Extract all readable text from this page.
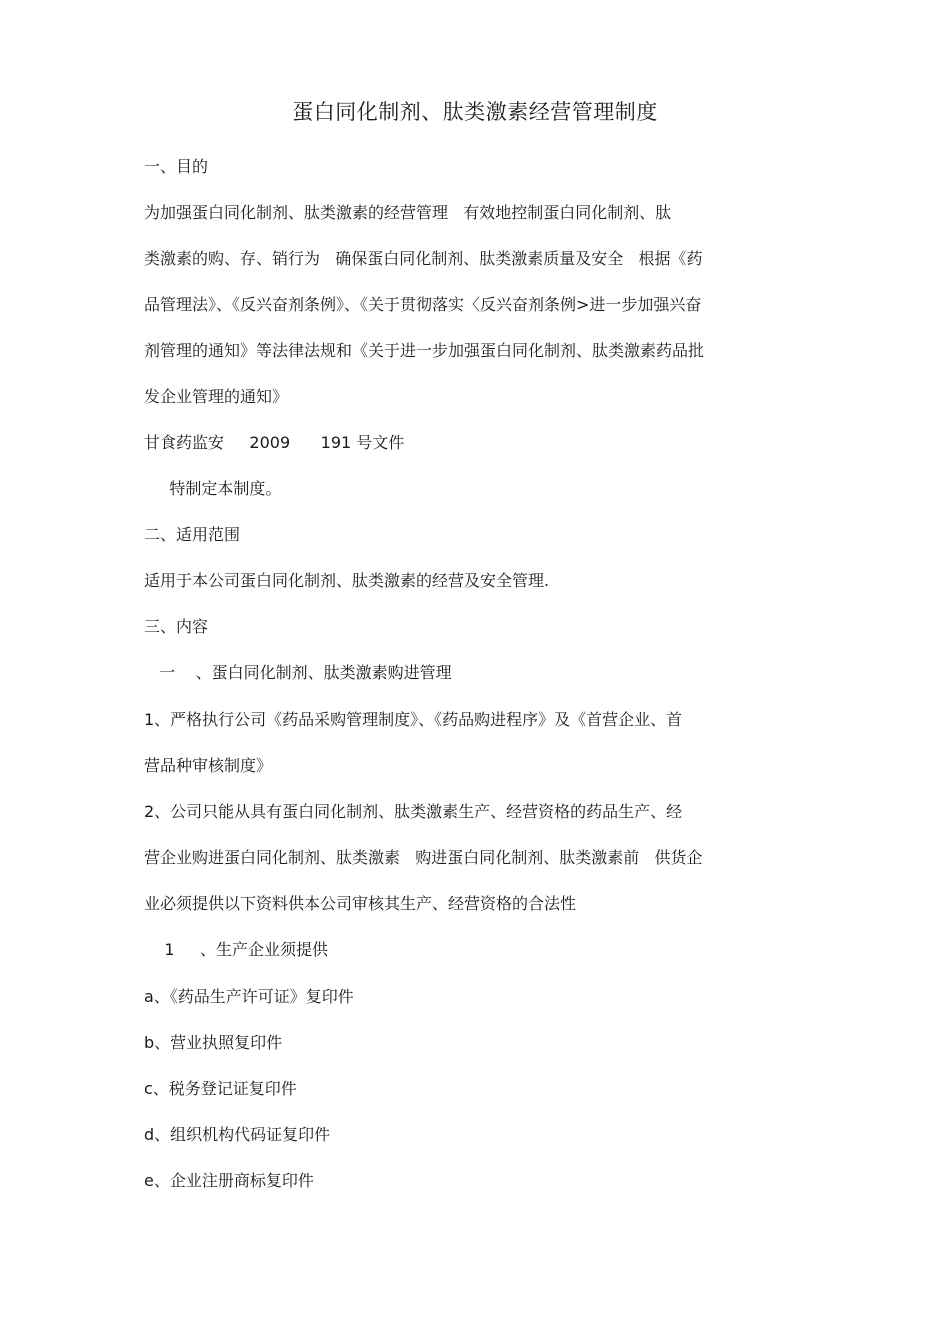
蛋白同化制剂、肽类激素经营管理制度
一、目的
为加强蛋白同化制剂、肽类激素的经营管理   有效地控制蛋白同化制剂、肽
类激素的购、存、销行为   确保蛋白同化制剂、肽类激素质量及安全   根据《药
品管理法》、《反兴奋剂条例》、《关于贯彻落实〈反兴奋剂条例>进一步加强兴奋
剂管理的通知》等法律法规和《关于进一步加强蛋白同化制剂、肽类激素药品批
发企业管理的通知》
甘食药监安     2009      191 号文件
特制定本制度。
二、适用范围
适用于本公司蛋白同化制剂、肽类激素的经营及安全管理.
三、内容
一    、蛋白同化制剂、肽类激素购进管理
1、严格执行公司《药品采购管理制度》、《药品购进程序》及《首营企业、首
营品种审核制度》
2、公司只能从具有蛋白同化制剂、肽类激素生产、经营资格的药品生产、经
营企业购进蛋白同化制剂、肽类激素   购进蛋白同化制剂、肽类激素前   供货企
业必须提供以下资料供本公司审核其生产、经营资格的合法性
1     、生产企业须提供
a、《药品生产许可证》复印件
b、营业执照复印件
c、税务登记证复印件
d、组织机构代码证复印件
e、企业注册商标复印件
